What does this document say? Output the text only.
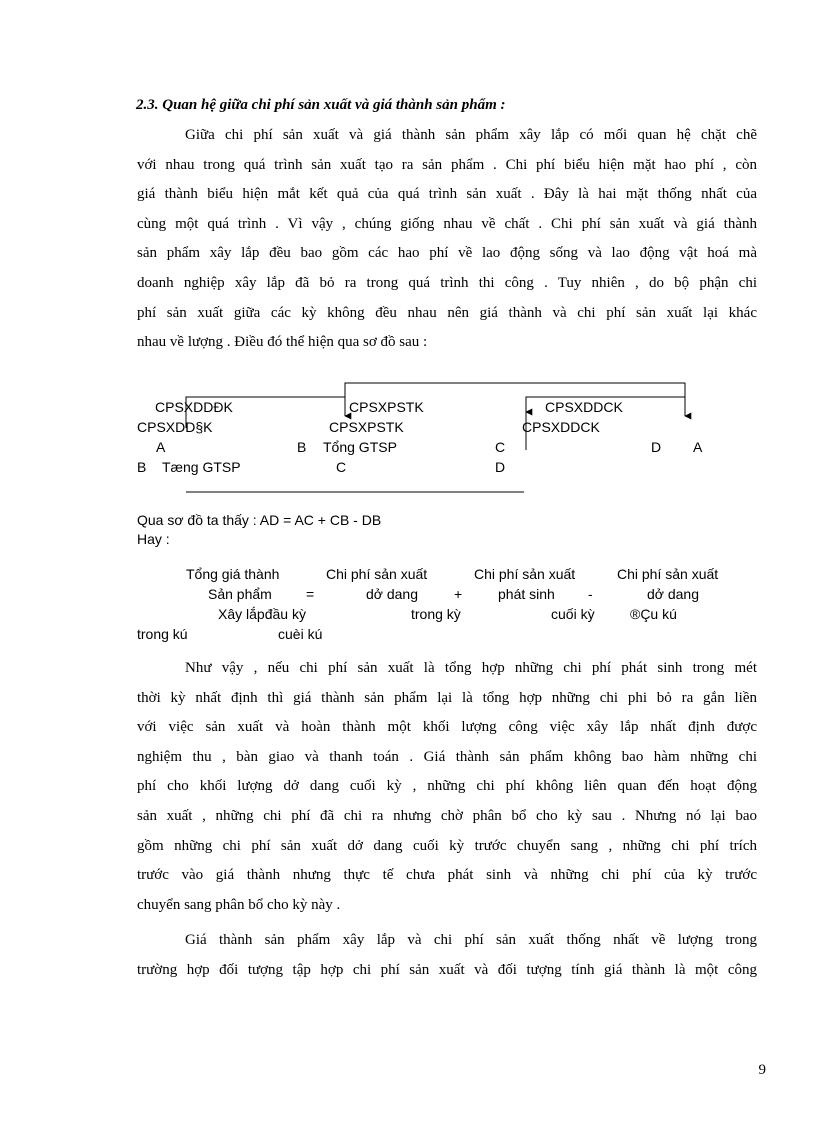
2.3. Quan hệ giữa chi phí sản xuất và giá thành sản phẩm :
Giữa chi phí sản xuất và giá thành sản phẩm xây lắp có mối quan hệ chặt chẽ
với nhau trong quá trình sản xuất tạo ra sản phẩm . Chi phí biểu hiện mặt hao phí , còn
giá thành biểu hiện mắt kết quả của quá trình sản xuất . Đây là hai mặt thống nhất của
cùng một quá trình . Vì vậy , chúng giống nhau về chất . Chi phí sản xuất và giá thành
sản phẩm xây lắp đều bao gồm các hao phí về lao động sống và lao động vật hoá mà
doanh nghiệp xây lắp đã bỏ ra trong quá trình thi công . Tuy nhiên , do bộ phận chi
phí sản xuất giữa các kỳ không đều nhau nên giá thành và chi phí sản xuất lại khác
nhau về lượng . Điều đó thể hiện qua sơ đồ sau :
CPSXDDĐK	CPSXPSTK	CPSXDDCK
CPSXDD§K	CPSXPSTK	CPSXDDCK
A	B Tổng GTSP	C	D A
B Tæng GTSP	C	D
Qua sơ đồ ta thấy : AD = AC + CB - DB
Hay :
Tổng giá thành	Chi phí sản xuất	Chi phí sản xuất	Chi phí sản xuất
Sản phẩm =	dở dang	+	phát sinh -	dở dang
Xây lắpđầu kỳ	trong kỳ	cuối kỳ	®Çu kú
trong kú	cuèi kú
Như vậy , nếu chi phí sản xuất là tổng hợp những chi phí phát sinh trong mét
thời kỳ nhất định thì giá thành sản phẩm lại là tổng hợp những chi phi bỏ ra gắn liền
với việc sản xuất và hoàn thành một khối lượng công việc xây lắp nhất định được
nghiệm thu , bàn giao và thanh toán . Giá thành sản phẩm không bao hàm những chi
phí cho khối lượng dở dang cuối kỳ , những chi phí không liên quan đến hoạt động
sản xuất , những chi phí đã chi ra nhưng chờ phân bổ cho kỳ sau . Nhưng nó lại bao
gồm những chi phí sản xuất dở dang cuối kỳ trước chuyển sang , những chi phí trích
trước vào giá thành nhưng thực tế chưa phát sinh và những chi phí của kỳ trước
chuyển sang phân bổ cho kỳ này .
Giá thành sản phẩm xây lắp và chi phí sản xuất thống nhất về lượng trong
trường hợp đối tượng tập hợp chi phí sản xuất và đối tượng tính giá thành là một công
9
